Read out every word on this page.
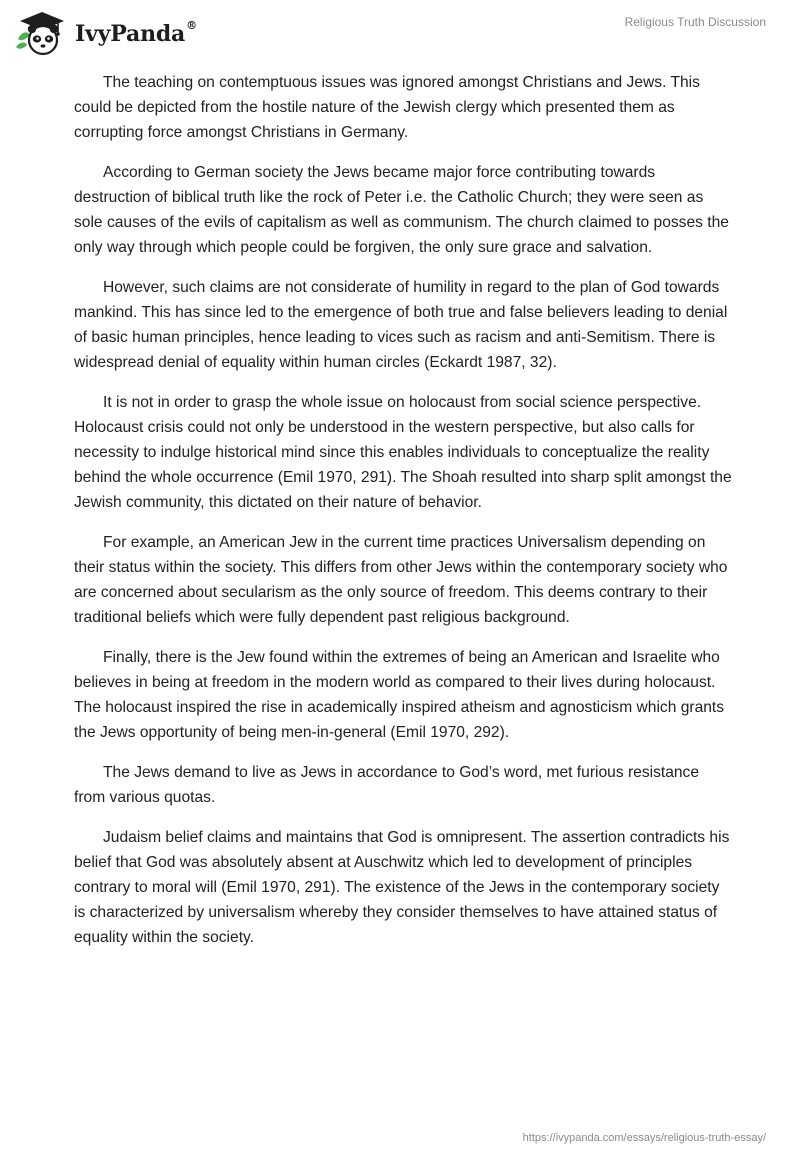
IvyPanda®	Religious Truth Discussion

The teaching on contemptuous issues was ignored amongst Christians and Jews. This could be depicted from the hostile nature of the Jewish clergy which presented them as corrupting force amongst Christians in Germany.

According to German society the Jews became major force contributing towards destruction of biblical truth like the rock of Peter i.e. the Catholic Church; they were seen as sole causes of the evils of capitalism as well as communism. The church claimed to posses the only way through which people could be forgiven, the only sure grace and salvation.

However, such claims are not considerate of humility in regard to the plan of God towards mankind. This has since led to the emergence of both true and false believers leading to denial of basic human principles, hence leading to vices such as racism and anti-Semitism. There is widespread denial of equality within human circles (Eckardt 1987, 32).

It is not in order to grasp the whole issue on holocaust from social science perspective. Holocaust crisis could not only be understood in the western perspective, but also calls for necessity to indulge historical mind since this enables individuals to conceptualize the reality behind the whole occurrence (Emil 1970, 291). The Shoah resulted into sharp split amongst the Jewish community, this dictated on their nature of behavior.

For example, an American Jew in the current time practices Universalism depending on their status within the society. This differs from other Jews within the contemporary society who are concerned about secularism as the only source of freedom. This deems contrary to their traditional beliefs which were fully dependent past religious background.

Finally, there is the Jew found within the extremes of being an American and Israelite who believes in being at freedom in the modern world as compared to their lives during holocaust. The holocaust inspired the rise in academically inspired atheism and agnosticism which grants the Jews opportunity of being men-in-general (Emil 1970, 292).

The Jews demand to live as Jews in accordance to God’s word, met furious resistance from various quotas.

Judaism belief claims and maintains that God is omnipresent. The assertion contradicts his belief that God was absolutely absent at Auschwitz which led to development of principles contrary to moral will (Emil 1970, 291). The existence of the Jews in the contemporary society is characterized by universalism whereby they consider themselves to have attained status of equality within the society.

https://ivypanda.com/essays/religious-truth-essay/
